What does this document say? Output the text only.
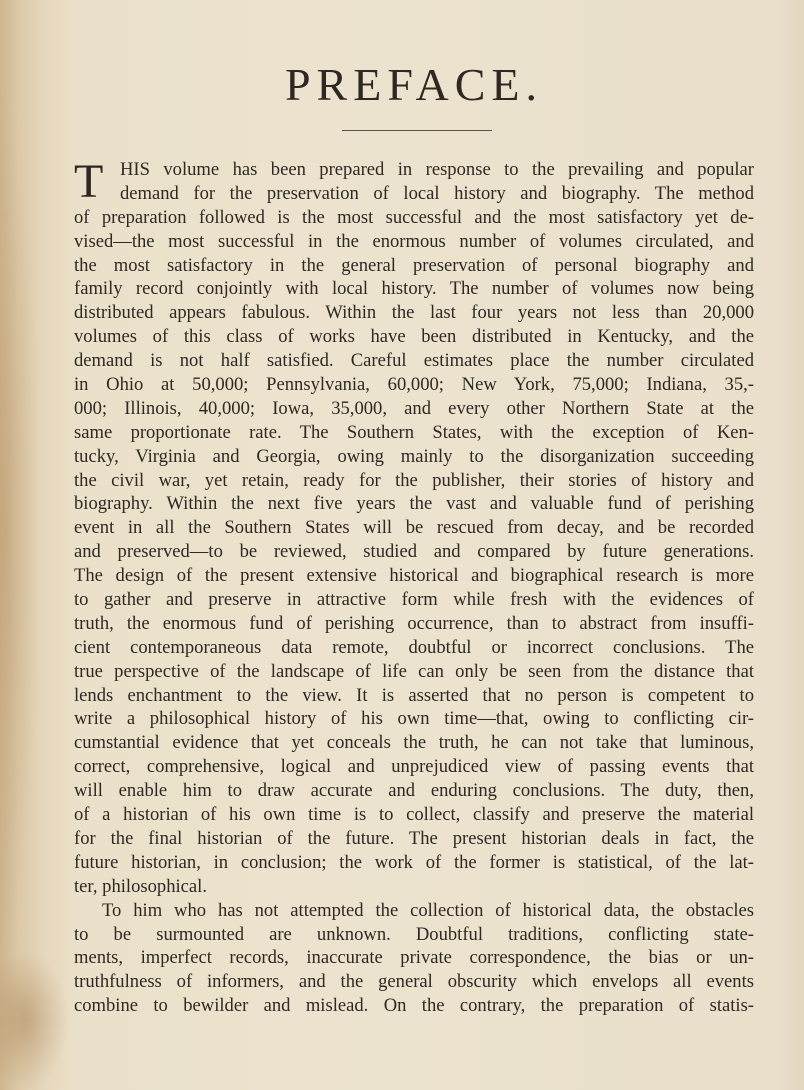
PREFACE.
T HIS volume has been prepared in response to the prevailing and popular
demand for the preservation of local history and biography. The method
of preparation followed is the most successful and the most satisfactory yet de-
vised—the most successful in the enormous number of volumes circulated, and
the most satisfactory in the general preservation of personal biography and
family record conjointly with local history. The number of volumes now being
distributed appears fabulous. Within the last four years not less than 20,000
volumes of this class of works have been distributed in Kentucky, and the
demand is not half satisfied. Careful estimates place the number circulated
in Ohio at 50,000; Pennsylvania, 60,000; New York, 75,000; Indiana, 35,-
000; Illinois, 40,000; Iowa, 35,000, and every other Northern State at the
same proportionate rate. The Southern States, with the exception of Ken-
tucky, Virginia and Georgia, owing mainly to the disorganization succeeding
the civil war, yet retain, ready for the publisher, their stories of history and
biography. Within the next five years the vast and valuable fund of perishing
event in all the Southern States will be rescued from decay, and be recorded
and preserved—to be reviewed, studied and compared by future generations.
The design of the present extensive historical and biographical research is more
to gather and preserve in attractive form while fresh with the evidences of
truth, the enormous fund of perishing occurrence, than to abstract from insuffi-
cient contemporaneous data remote, doubtful or incorrect conclusions. The
true perspective of the landscape of life can only be seen from the distance that
lends enchantment to the view. It is asserted that no person is competent to
write a philosophical history of his own time—that, owing to conflicting cir-
cumstantial evidence that yet conceals the truth, he can not take that luminous,
correct, comprehensive, logical and unprejudiced view of passing events that
will enable him to draw accurate and enduring conclusions. The duty, then,
of a historian of his own time is to collect, classify and preserve the material
for the final historian of the future. The present historian deals in fact, the
future historian, in conclusion; the work of the former is statistical, of the lat-
ter, philosophical.
To him who has not attempted the collection of historical data, the obstacles
to be surmounted are unknown. Doubtful traditions, conflicting state-
ments, imperfect records, inaccurate private correspondence, the bias or un-
truthfulness of informers, and the general obscurity which envelops all events
combine to bewilder and mislead. On the contrary, the preparation of statis-
